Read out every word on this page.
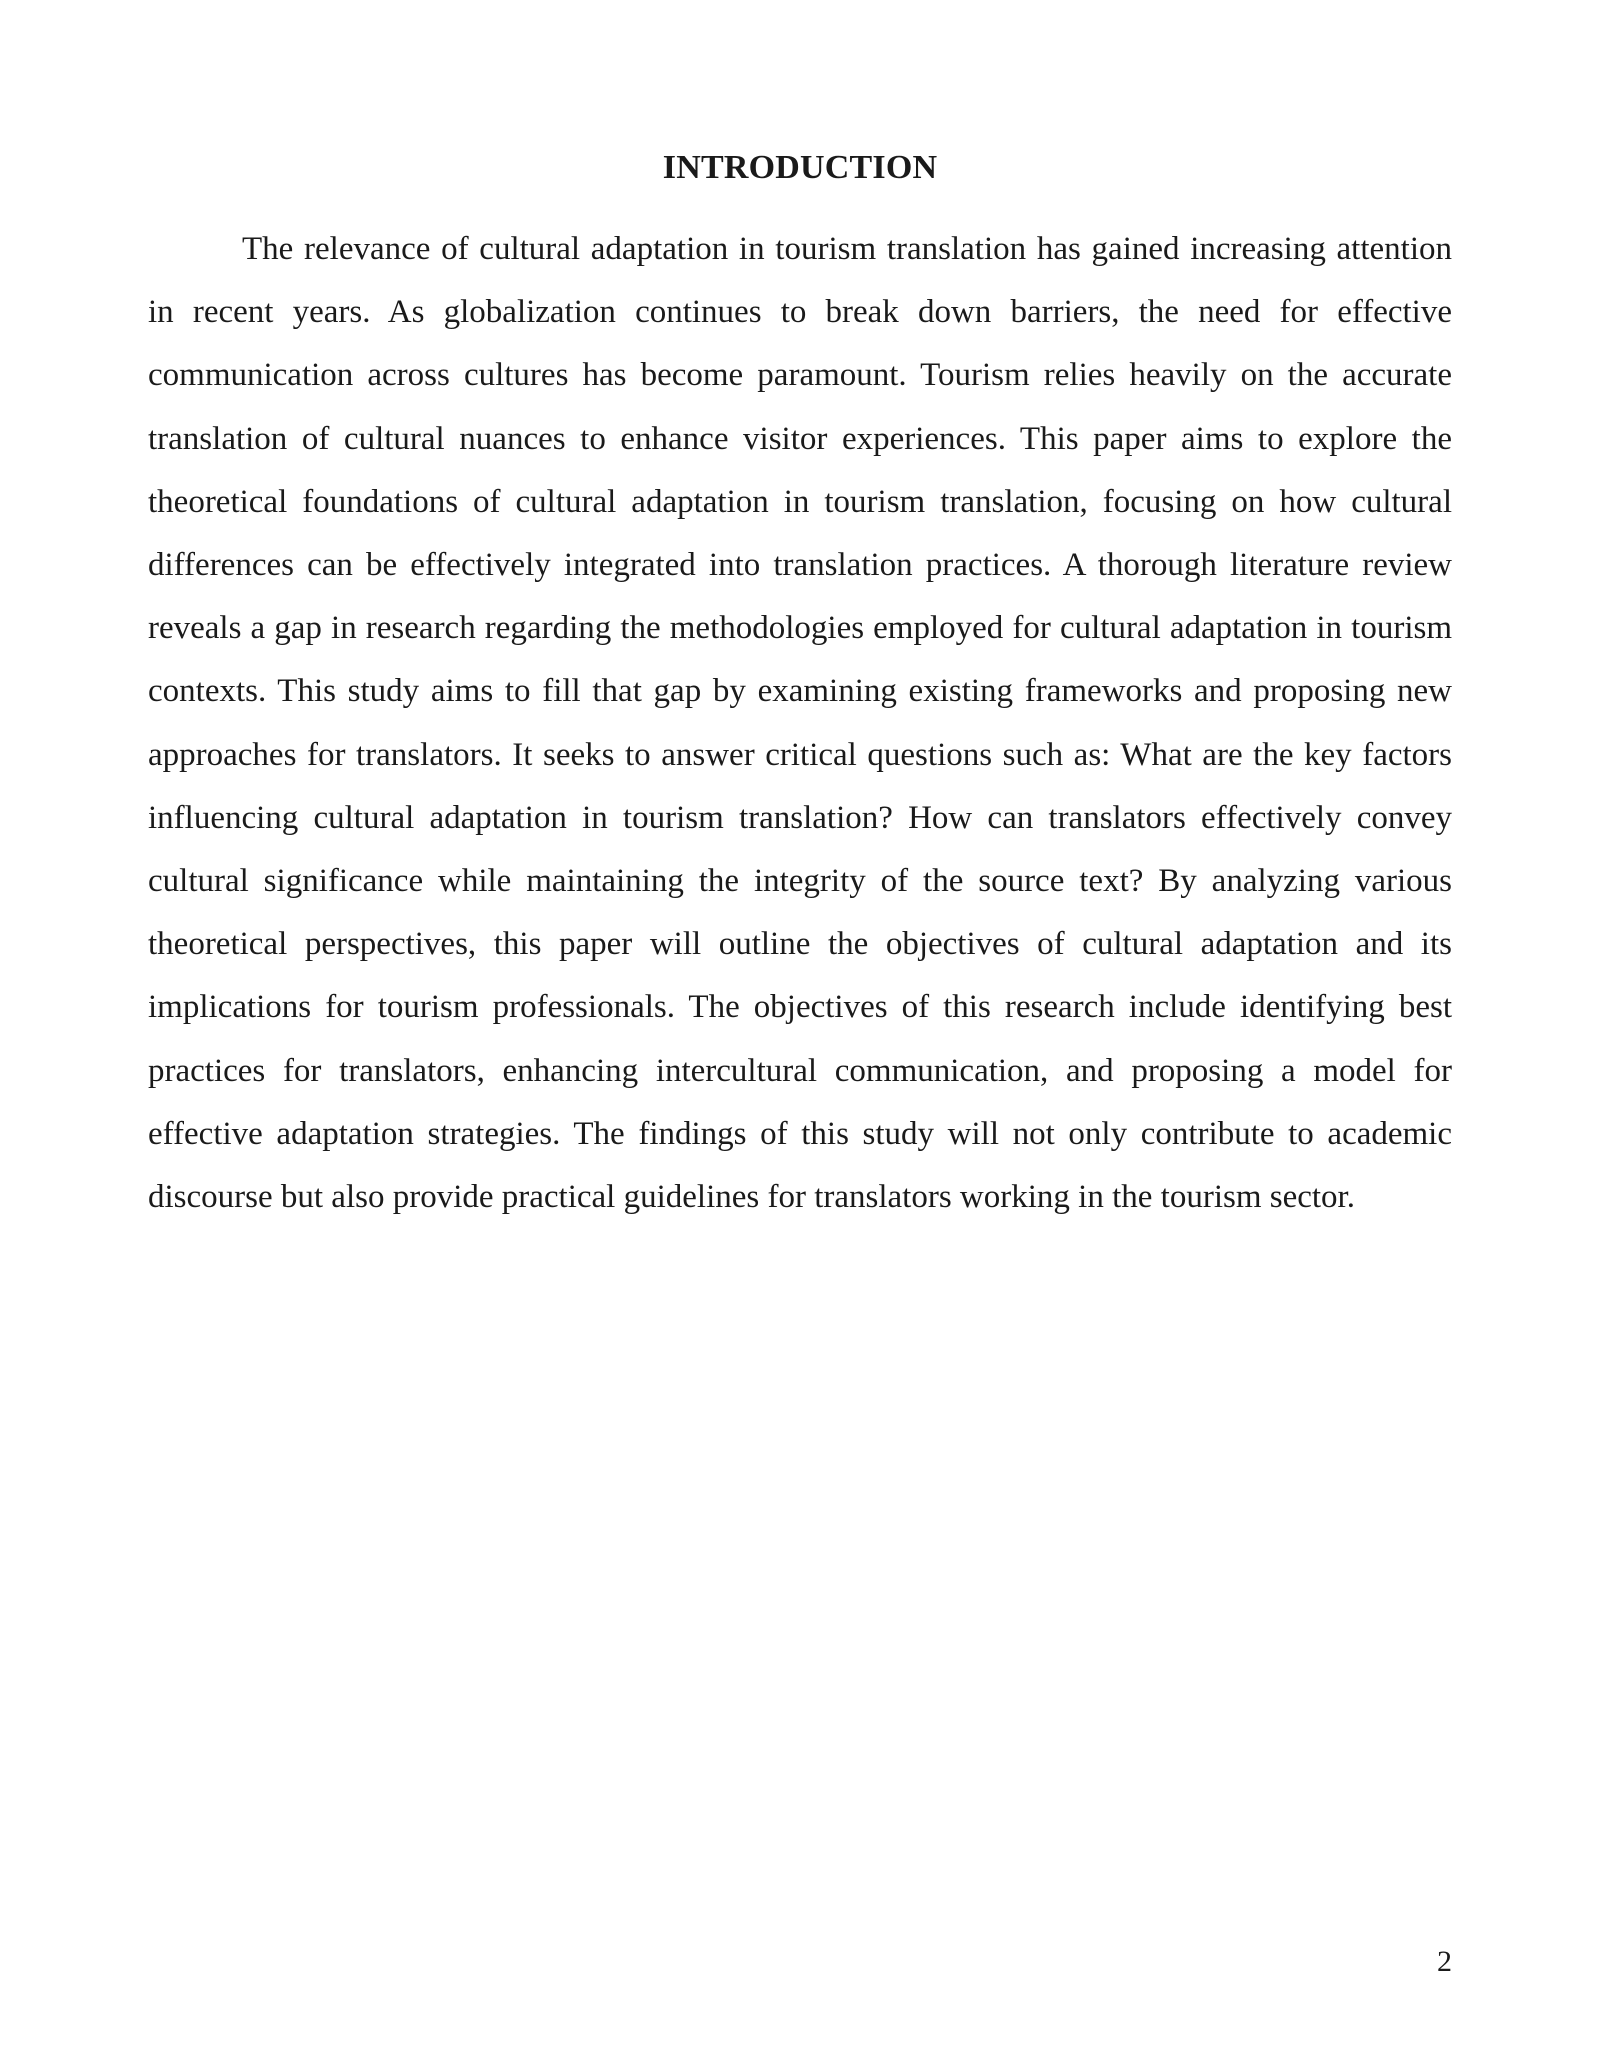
INTRODUCTION

The relevance of cultural adaptation in tourism translation has gained increasing attention in recent years. As globalization continues to break down barriers, the need for effective communication across cultures has become paramount. Tourism relies heavily on the accurate translation of cultural nuances to enhance visitor experiences. This paper aims to explore the theoretical foundations of cultural adaptation in tourism translation, focusing on how cultural differences can be effectively integrated into translation practices. A thorough literature review reveals a gap in research regarding the methodologies employed for cultural adaptation in tourism contexts. This study aims to fill that gap by examining existing frameworks and proposing new approaches for translators. It seeks to answer critical questions such as: What are the key factors influencing cultural adaptation in tourism translation? How can translators effectively convey cultural significance while maintaining the integrity of the source text? By analyzing various theoretical perspectives, this paper will outline the objectives of cultural adaptation and its implications for tourism professionals. The objectives of this research include identifying best practices for translators, enhancing intercultural communication, and proposing a model for effective adaptation strategies. The findings of this study will not only contribute to academic discourse but also provide practical guidelines for translators working in the tourism sector.

2
